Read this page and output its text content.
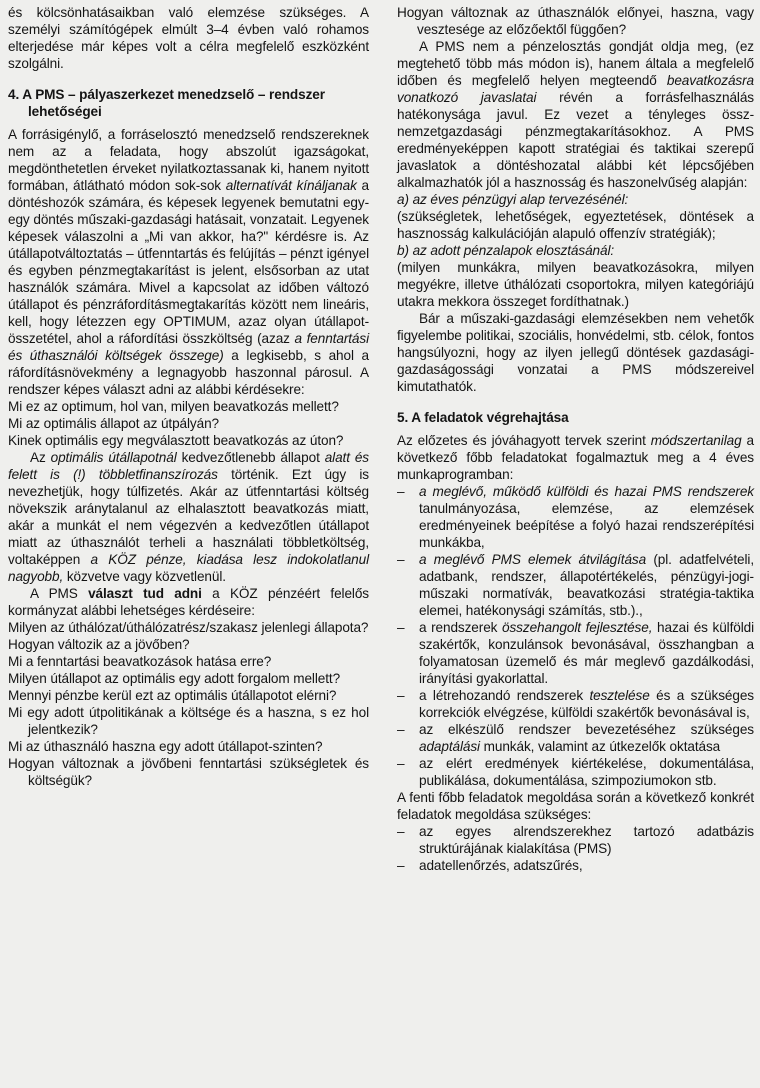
és kölcsönhatásaikban való elemzése szükséges. A személyi számítógépek elmúlt 3–4 évben való rohamos elterjedése már képes volt a célra megfelelő eszközként szolgálni.

4. A PMS – pályaszerkezet menedzselő – rendszer lehetőségei

A forrásigénylő, a forráselosztó menedzselő rendszereknek nem az a feladata, hogy abszolút igazságokat, megdönthetetlen érveket nyilatkoztassanak ki, hanem nyitott formában, átlátható módon sok-sok alternatívát kínáljanak a döntéshozók számára, és képesek legyenek bemutatni egy-egy döntés műszaki-gazdasági hatásait, vonzatait. Legyenek képesek válaszolni a „Mi van akkor, ha?" kérdésre is. Az útállapotváltoztatás – útfenntartás és felújítás – pénzt igényel és egyben pénzmegtakarítást is jelent, elsősorban az utat használók számára. Mivel a kapcsolat az időben változó útállapot és pénzráfordításmegtakarítás között nem lineáris, kell, hogy létezzen egy OPTIMUM, azaz olyan útállapot-összetétel, ahol a ráfordítási összköltség (azaz a fenntartási és úthasználói költségek összege) a legkisebb, s ahol a ráfordításnövekmény a legnagyobb haszonnal párosul. A rendszer képes választ adni az alábbi kérdésekre:

Mi ez az optimum, hol van, milyen beavatkozás mellett?

Mi az optimális állapot az útpályán?

Kinek optimális egy megválasztott beavatkozás az úton?

Az optimális útállapotnál kedvezőtlenebb állapot alatt és felett is (!) többletfinanszírozás történik. Ezt úgy is nevezhetjük, hogy túlfizetés. Akár az útfenntartási költség növekszik aránytalanul az elhalasztott beavatkozás miatt, akár a munkát el nem végezvén a kedvezőtlen útállapot miatt az úthasználót terheli a használati többletköltség, voltaképpen a KÖZ pénze, kiadása lesz indokolatlanul nagyobb, közvetve vagy közvetlenül.

A PMS választ tud adni a KÖZ pénzéért felelős kormányzat alábbi lehetséges kérdéseire:

Milyen az úthálózat/úthálózatrész/szakasz jelenlegi állapota?

Hogyan változik az a jövőben?

Mi a fenntartási beavatkozások hatása erre?

Milyen útállapot az optimális egy adott forgalom mellett?

Mennyi pénzbe kerül ezt az optimális útállapotot elérni?

Mi egy adott útpolitikának a költsége és a haszna, s ez hol jelentkezik?

Mi az úthasználó haszna egy adott útállapot-szinten?

Hogyan változnak a jövőbeni fenntartási szükségletek és költségük?

Hogyan változnak az úthasználók előnyei, haszna, vagy vesztesége az előzőektől függően?

A PMS nem a pénzelosztás gondját oldja meg, (ez megtehető több más módon is), hanem általa a megfelelő időben és megfelelő helyen megteendő beavatkozásra vonatkozó javaslatai révén a forrásfelhasználás hatékonysága javul. Ez vezet a tényleges össz-nemzetgazdasági pénzmegtakarításokhoz. A PMS eredményeképpen kapott stratégiai és taktikai szerepű javaslatok a döntéshozatal alábbi két lépcsőjében alkalmazhatók jól a hasznosság és haszonelvűség alapján:

a) az éves pénzügyi alap tervezésénél:

(szükségletek, lehetőségek, egyeztetések, döntések a hasznosság kalkulációján alapuló offenzív stratégiák);

b) az adott pénzalapok elosztásánál:

(milyen munkákra, milyen beavatkozásokra, milyen megyékre, illetve úthálózati csoportokra, milyen kategóriájú utakra mekkora összeget fordíthatnak.)

Bár a műszaki-gazdasági elemzésekben nem vehetők figyelembe politikai, szociális, honvédelmi, stb. célok, fontos hangsúlyozni, hogy az ilyen jellegű döntések gazdasági-gazdaságossági vonzatai a PMS módszereivel kimutathatók.

5. A feladatok végrehajtása

Az előzetes és jóváhagyott tervek szerint módszertanilag a következő főbb feladatokat fogalmaztuk meg a 4 éves munkaprogramban:

– a meglévő, működő külföldi és hazai PMS rendszerek tanulmányozása, elemzése, az elemzések eredményeinek beépítése a folyó hazai rendszerépítési munkákba,
– a meglévő PMS elemek átvilágítása (pl. adatfelvételi, adatbank, rendszer, állapotértékelés, pénzügyi-jogi-műszaki normatívák, beavatkozási stratégia-taktika elemei, hatékonysági számítás, stb.).,
– a rendszerek összehangolt fejlesztése, hazai és külföldi szakértők, konzulánsok bevonásával, összhangban a folyamatosan üzemelő és már meglevő gazdálkodási, irányítási gyakorlattal.
– a létrehozandó rendszerek tesztelése és a szükséges korrekciók elvégzése, külföldi szakértők bevonásával is,
– az elkészülő rendszer bevezetéséhez szükséges adaptálási munkák, valamint az útkezelők oktatása
– az elért eredmények kiértékelése, dokumentálása, publikálása, dokumentálása, szimpoziumokon stb.

A fenti főbb feladatok megoldása során a következő konkrét feladatok megoldása szükséges:

– az egyes alrendszerekhez tartozó adatbázis struktúrájának kialakítása (PMS)
– adatellenőrzés, adatszűrés,
